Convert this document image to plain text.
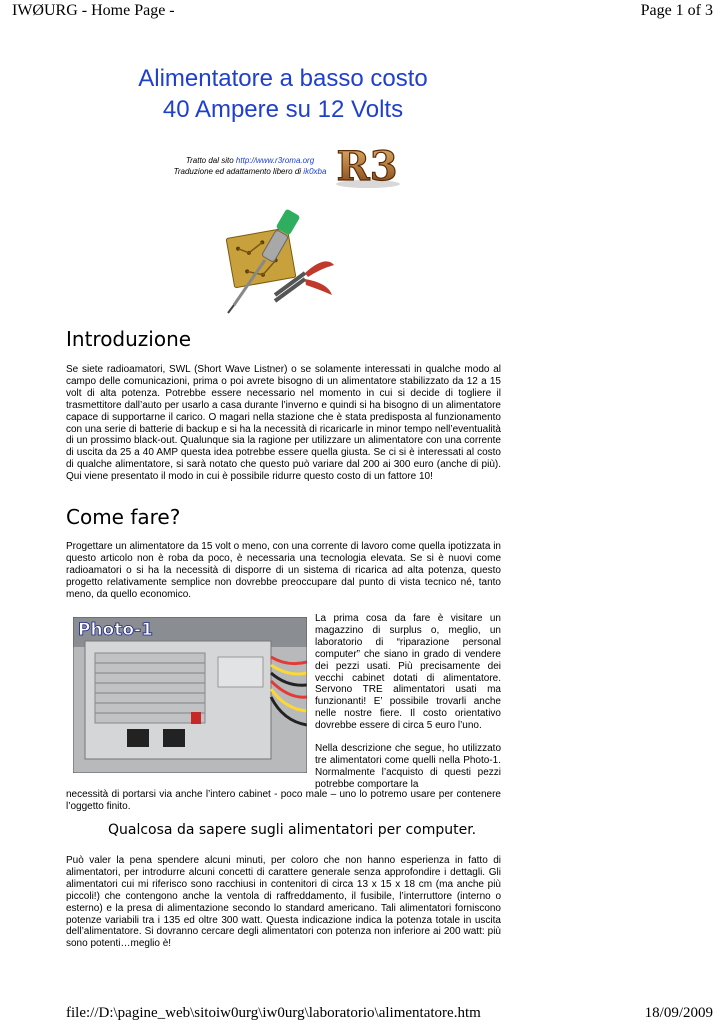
IWØURG - Home Page -	Page 1 of 3
Alimentatore a basso costo
40 Ampere su 12 Volts
Tratto dal sito http://www.r3roma.org
Traduzione ed adattamento libero di ik0xba R3
Introduzione

Se siete radioamatori, SWL (Short Wave Listner) o se solamente interessati in qualche modo al campo delle comunicazioni, prima o poi avrete bisogno di un alimentatore stabilizzato da 12 a 15 volt di alta potenza. Potrebbe essere necessario nel momento in cui si decide di togliere il trasmettitore dall’auto per usarlo a casa durante l’inverno e quindi si ha bisogno di un alimentatore capace di supportarne il carico. O magari nella stazione che è stata predisposta al funzionamento con una serie di batterie di backup e si ha la necessità di ricaricarle in minor tempo nell’eventualità di un prossimo black-out. Qualunque sia la ragione per utilizzare un alimentatore con una corrente di uscita da 25 a 40 AMP questa idea potrebbe essere quella giusta. Se ci si è interessati al costo di qualche alimentatore, si sarà notato che questo può variare dal 200 ai 300 euro (anche di più). Qui viene presentato il modo in cui è possibile ridurre questo costo di un fattore 10!

Come fare?

Progettare un alimentatore da 15 volt o meno, con una corrente di lavoro come quella ipotizzata in questo articolo non è roba da poco, è necessaria una tecnologia elevata. Se si è nuovi come radioamatori o si ha la necessità di disporre di un sistema di ricarica ad alta potenza, questo progetto relativamente semplice non dovrebbe preoccupare dal punto di vista tecnico né, tanto meno, da quello economico.

Photo-1

La prima cosa da fare è visitare un magazzino di surplus o, meglio, un laboratorio di “riparazione personal computer” che siano in grado di vendere dei pezzi usati. Più precisamente dei vecchi cabinet dotati di alimentatore. Servono TRE alimentatori usati ma funzionanti! E’ possibile trovarli anche nelle nostre fiere. Il costo orientativo dovrebbe essere di circa 5 euro l’uno.

Nella descrizione che segue, ho utilizzato tre alimentatori come quelli nella Photo-1. Normalmente l’acquisto di questi pezzi potrebbe comportare la

necessità di portarsi via anche l’intero cabinet - poco male – uno lo potremo usare per contenere l’oggetto finito.

Qualcosa da sapere sugli alimentatori per computer.

Può valer la pena spendere alcuni minuti, per coloro che non hanno esperienza in fatto di alimentatori, per introdurre alcuni concetti di carattere generale senza approfondire i dettagli. Gli alimentatori cui mi riferisco sono racchiusi in contenitori di circa 13 x 15 x 18 cm (ma anche più piccoli!) che contengono anche la ventola di raffreddamento, il fusibile, l’interruttore (interno o esterno) e la presa di alimentazione secondo lo standard americano. Tali alimentatori forniscono potenze variabili tra i 135 ed oltre 300 watt. Questa indicazione indica la potenza totale in uscita dell’alimentatore. Si dovranno cercare degli alimentatori con potenza non inferiore ai 200 watt: più sono potenti…meglio è!

file://D:\pagine_web\sitoiw0urg\iw0urg\laboratorio\alimentatore.htm	18/09/2009
